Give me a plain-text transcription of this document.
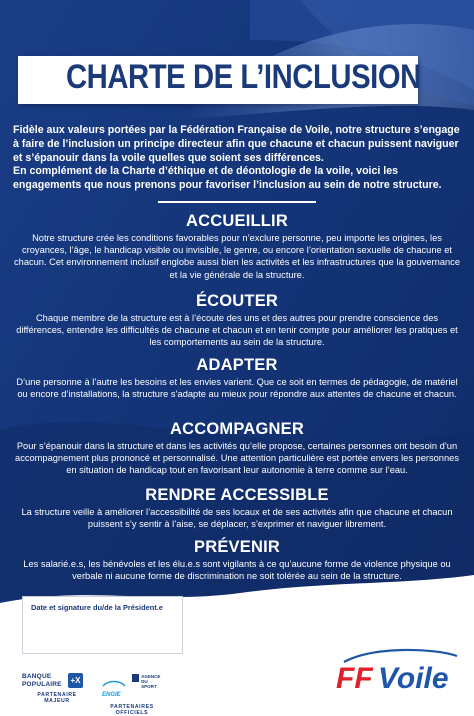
CHARTE DE L’INCLUSION

Fidèle aux valeurs portées par la Fédération Française de Voile, notre structure s’engage à faire de l’inclusion un principe directeur afin que chacune et chacun puissent naviguer et s’épanouir dans la voile quelles que soient ses différences.

En complément de la Charte d’éthique et de déontologie de la voile, voici les engagements que nous prenons pour favoriser l’inclusion au sein de notre structure.

ACCUEILLIR

Notre structure crée les conditions favorables pour n’exclure personne, peu importe les origines, les croyances, l’âge, le handicap visible ou invisible, le genre, ou encore l’orientation sexuelle de chacune et chacun. Cet environnement inclusif englobe aussi bien les activités et les infrastructures que la gouvernance et la vie générale de la structure.

ÉCOUTER

Chaque membre de la structure est à l’écoute des uns et des autres pour prendre conscience des différences, entendre les difficultés de chacune et chacun et en tenir compte pour améliorer les pratiques et les comportements au sein de la structure.

ADAPTER

D’une personne à l’autre les besoins et les envies varient. Que ce soit en termes de pédagogie, de matériel ou encore d’installations, la structure s’adapte au mieux pour répondre aux attentes de chacune et chacun.

ACCOMPAGNER

Pour s’épanouir dans la structure et dans les activités qu’elle propose, certaines personnes ont besoin d’un accompagnement plus prononcé et personnalisé. Une attention particulière est portée envers les personnes en situation de handicap tout en favorisant leur autonomie à terre comme sur l’eau.

RENDRE ACCESSIBLE

La structure veille à améliorer l’accessibilité de ses locaux et de ses activités afin que chacune et chacun puissent s’y sentir à l’aise, se déplacer, s’exprimer et naviguer librement.

PRÉVENIR

Les salarié.e.s, les bénévoles et les élu.e.s sont vigilants à ce qu’aucune forme de violence physique ou verbale ni aucune forme de discrimination ne soit tolérée au sein de la structure.

Date et signature du/de la Président.e
BANQUE
POPULAIRE	+X
PARTENAIRE
MAJEUR
ENGIE
AGENCE
DU SPORT
PARTENAIRES
OFFICIELS
FF Voile
